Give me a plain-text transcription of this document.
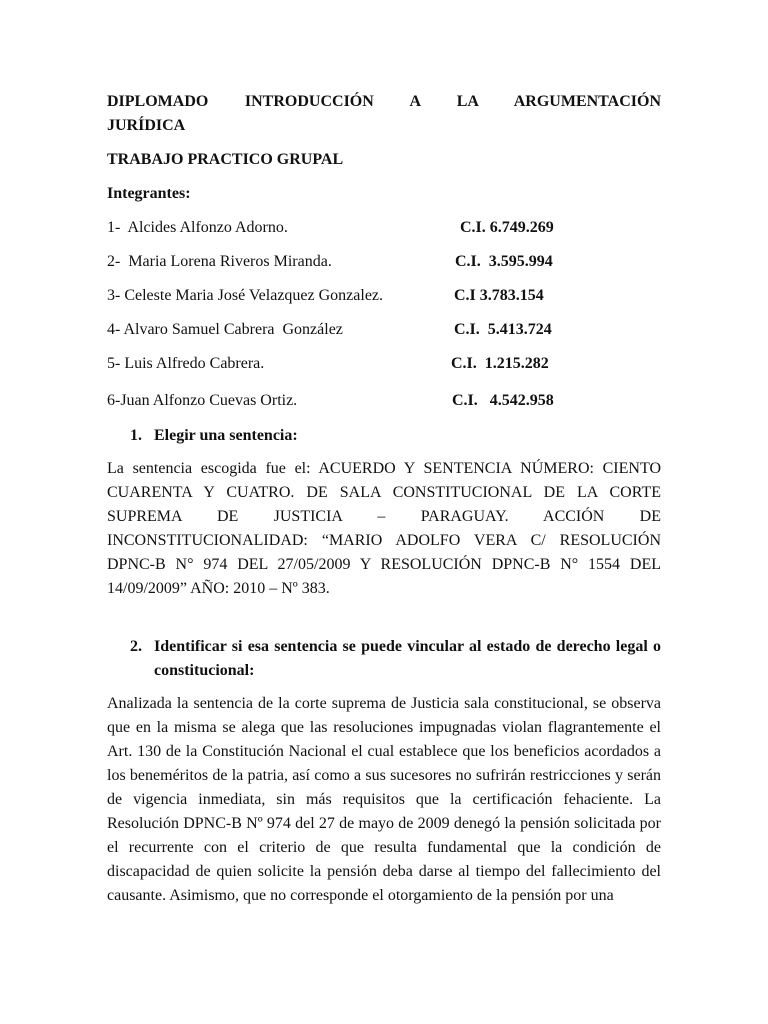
DIPLOMADO INTRODUCCIÓN A LA ARGUMENTACIÓN
JURÍDICA
TRABAJO PRACTICO GRUPAL
Integrantes:
1-  Alcides Alfonzo Adorno.	C.I. 6.749.269
2-  Maria Lorena Riveros Miranda.	C.I.  3.595.994
3- Celeste Maria José Velazquez Gonzalez.	C.I 3.783.154
4- Alvaro Samuel Cabrera  González	C.I.  5.413.724
5- Luis Alfredo Cabrera.	C.I.  1.215.282
6-Juan Alfonzo Cuevas Ortiz.	C.I.   4.542.958
1. Elegir una sentencia:
La sentencia escogida fue el: ACUERDO Y SENTENCIA NÚMERO: CIENTO CUARENTA Y CUATRO. DE SALA CONSTITUCIONAL DE LA CORTE SUPREMA DE JUSTICIA – PARAGUAY. ACCIÓN DE INCONSTITUCIONALIDAD: “MARIO ADOLFO VERA C/ RESOLUCIÓN DPNC-B N° 974 DEL 27/05/2009 Y RESOLUCIÓN DPNC-B N° 1554 DEL 14/09/2009” AÑO: 2010 – Nº 383.
2. Identificar si esa sentencia se puede vincular al estado de derecho legal o constitucional:
Analizada la sentencia de la corte suprema de Justicia sala constitucional, se observa que en la misma se alega que las resoluciones impugnadas violan flagrantemente el Art. 130 de la Constitución Nacional el cual establece que los beneficios acordados a los beneméritos de la patria, así como a sus sucesores no sufrirán restricciones y serán de vigencia inmediata, sin más requisitos que la certificación fehaciente. La Resolución DPNC-B Nº 974 del 27 de mayo de 2009 denegó la pensión solicitada por el recurrente con el criterio de que resulta fundamental que la condición de discapacidad de quien solicite la pensión deba darse al tiempo del fallecimiento del causante. Asimismo, que no corresponde el otorgamiento de la pensión por una
